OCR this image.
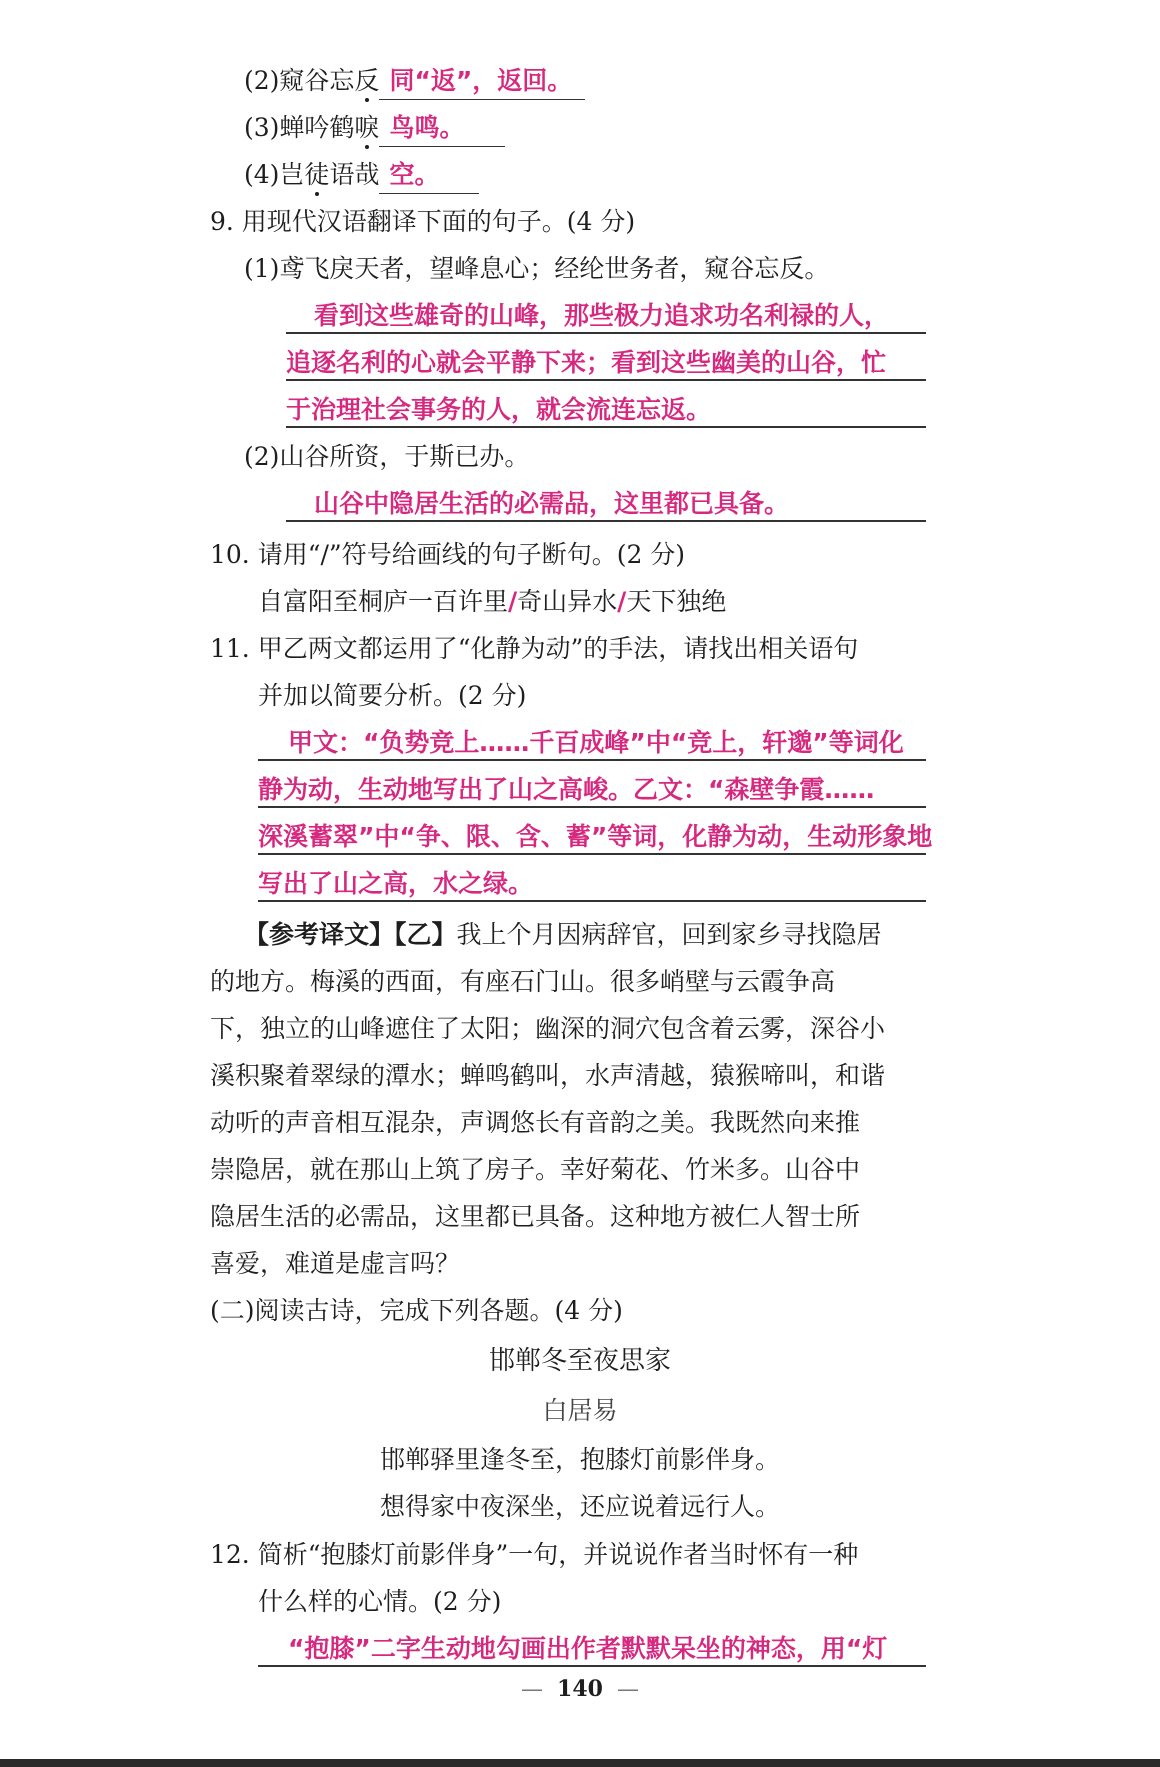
(2)窥谷忘反 同“返”，返回。
(3)蝉吟鹤唳 鸟鸣。
(4)岂徒语哉 空。
9. 用现代汉语翻译下面的句子。(4 分)
(1)鸢飞戾天者，望峰息心；经纶世务者，窥谷忘反。
看到这些雄奇的山峰，那些极力追求功名利禄的人，
追逐名利的心就会平静下来；看到这些幽美的山谷，忙
于治理社会事务的人，就会流连忘返。
(2)山谷所资，于斯已办。
山谷中隐居生活的必需品，这里都已具备。
10. 请用“/”符号给画线的句子断句。(2 分)
自富阳至桐庐一百许里/奇山异水/天下独绝
11. 甲乙两文都运用了“化静为动”的手法，请找出相关语句
并加以简要分析。(2 分)
甲文：“负势竞上……千百成峰”中“竞上，轩邈”等词化
静为动，生动地写出了山之高峻。乙文：“森壁争霞……
深溪蓄翠”中“争、限、含、蓄”等词，化静为动，生动形象地
写出了山之高，水之绿。
【参考译文】【乙】我上个月因病辞官，回到家乡寻找隐居
的地方。梅溪的西面，有座石门山。很多峭壁与云霞争高
下，独立的山峰遮住了太阳；幽深的洞穴包含着云雾，深谷小
溪积聚着翠绿的潭水；蝉鸣鹤叫，水声清越，猿猴啼叫，和谐
动听的声音相互混杂，声调悠长有音韵之美。我既然向来推
崇隐居，就在那山上筑了房子。幸好菊花、竹米多。山谷中
隐居生活的必需品，这里都已具备。这种地方被仁人智士所
喜爱，难道是虚言吗？
(二)阅读古诗，完成下列各题。(4 分)
邯郸冬至夜思家
白居易
邯郸驿里逢冬至，抱膝灯前影伴身。
想得家中夜深坐，还应说着远行人。
12. 简析“抱膝灯前影伴身”一句，并说说作者当时怀有一种
什么样的心情。(2 分)
“抱膝”二字生动地勾画出作者默默呆坐的神态，用“灯
—  140  —
